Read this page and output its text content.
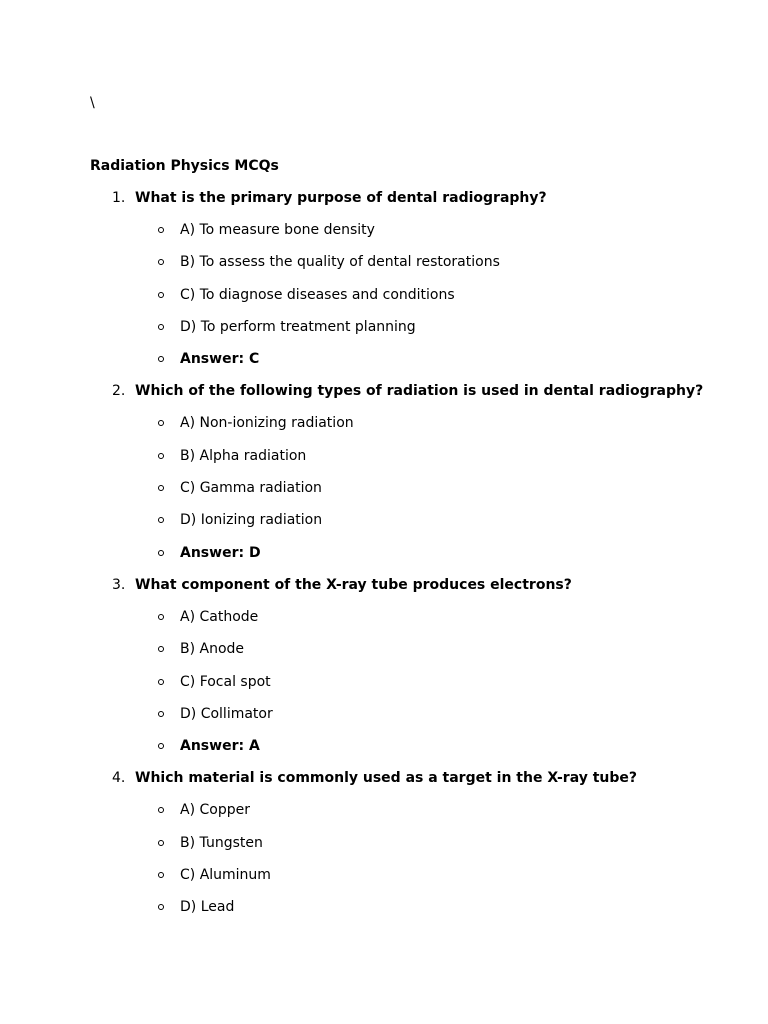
\
Radiation Physics MCQs
1. What is the primary purpose of dental radiography?
A) To measure bone density
B) To assess the quality of dental restorations
C) To diagnose diseases and conditions
D) To perform treatment planning
Answer: C
2. Which of the following types of radiation is used in dental radiography?
A) Non-ionizing radiation
B) Alpha radiation
C) Gamma radiation
D) Ionizing radiation
Answer: D
3. What component of the X-ray tube produces electrons?
A) Cathode
B) Anode
C) Focal spot
D) Collimator
Answer: A
4. Which material is commonly used as a target in the X-ray tube?
A) Copper
B) Tungsten
C) Aluminum
D) Lead
